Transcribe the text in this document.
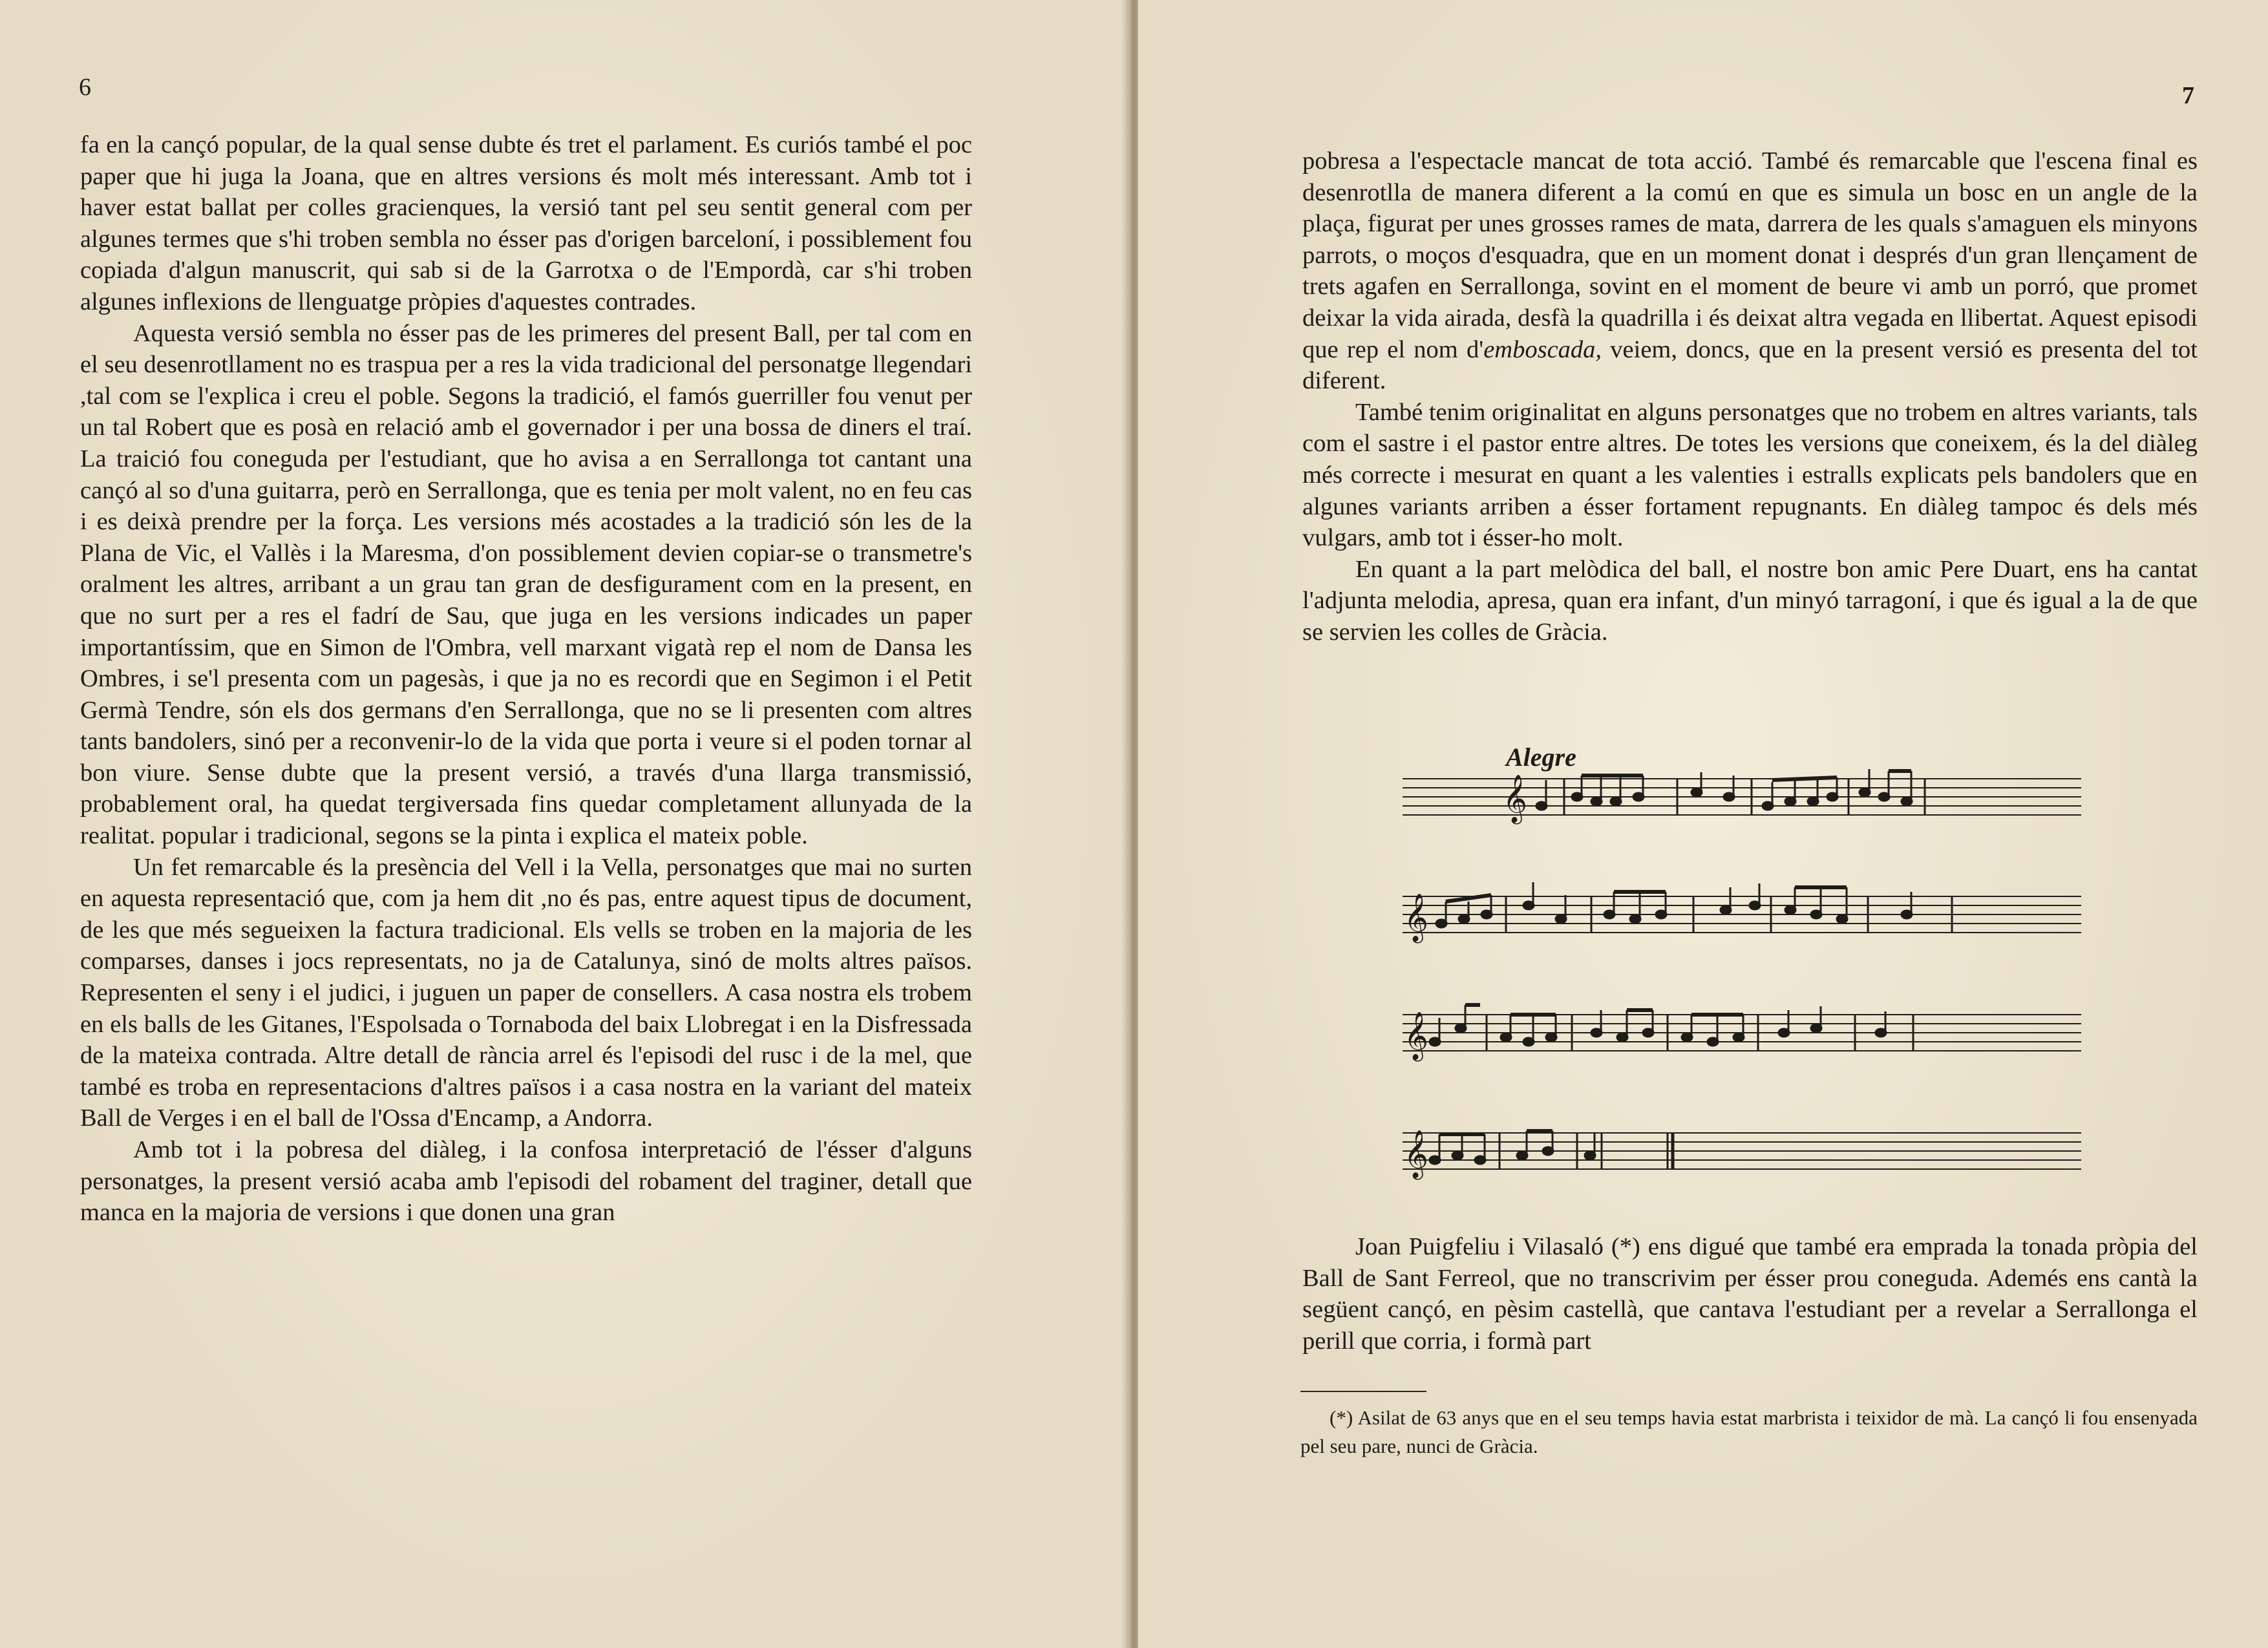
6

fa en la cançó popular, de la qual sense dubte és tret el parlament. Es curiós també el poc paper que hi juga la Joana, que en altres versions és molt més interessant. Amb tot i haver estat ballat per colles gracienques, la versió tant pel seu sentit general com per algunes termes que s'hi troben sembla no ésser pas d'origen barceloní, i possiblement fou copiada d'algun manuscrit, qui sab si de la Garrotxa o de l'Empordà, car s'hi troben algunes inflexions de llenguatge pròpies d'aquestes contrades.

Aquesta versió sembla no ésser pas de les primeres del present Ball, per tal com en el seu desenrotllament no es traspua per a res la vida tradicional del personatge llegendari ,tal com se l'explica i creu el poble. Segons la tradició, el famós guerriller fou venut per un tal Robert que es posà en relació amb el governador i per una bossa de diners el traí. La traició fou coneguda per l'estudiant, que ho avisa a en Serrallonga tot cantant una cançó al so d'una guitarra, però en Serrallonga, que es tenia per molt valent, no en feu cas i es deixà prendre per la força. Les versions més acostades a la tradició són les de la Plana de Vic, el Vallès i la Maresma, d'on possiblement devien copiar-se o transmetre's oralment les altres, arribant a un grau tan gran de desfigurament com en la present, en que no surt per a res el fadrí de Sau, que juga en les versions indicades un paper importantíssim, que en Simon de l'Ombra, vell marxant vigatà rep el nom de Dansa les Ombres, i se'l presenta com un pagesàs, i que ja no es recordi que en Segimon i el Petit Germà Tendre, són els dos germans d'en Serrallonga, que no se li presenten com altres tants bandolers, sinó per a reconvenir-lo de la vida que porta i veure si el poden tornar al bon viure. Sense dubte que la present versió, a través d'una llarga transmissió, probablement oral, ha quedat tergiversada fins quedar completament allunyada de la realitat. popular i tradicional, segons se la pinta i explica el mateix poble.

Un fet remarcable és la presència del Vell i la Vella, personatges que mai no surten en aquesta representació que, com ja hem dit ,no és pas, entre aquest tipus de document, de les que més segueixen la factura tradicional. Els vells se troben en la majoria de les comparses, danses i jocs representats, no ja de Catalunya, sinó de molts altres països. Representen el seny i el judici, i juguen un paper de consellers. A casa nostra els trobem en els balls de les Gitanes, l'Espolsada o Tornaboda del baix Llobregat i en la Disfressada de la mateixa contrada. Altre detall de rància arrel és l'episodi del rusc i de la mel, que també es troba en representacions d'altres països i a casa nostra en la variant del mateix Ball de Verges i en el ball de l'Ossa d'Encamp, a Andorra.

Amb tot i la pobresa del diàleg, i la confosa interpretació de l'ésser d'alguns personatges, la present versió acaba amb l'episodi del robament del traginer, detall que manca en la majoria de versions i que donen una gran

7

pobresa a l'espectacle mancat de tota acció. També és remarcable que l'escena final es desenrotlla de manera diferent a la comú en que es simula un bosc en un angle de la plaça, figurat per unes grosses rames de mata, darrera de les quals s'amaguen els minyons parrots, o moços d'esquadra, que en un moment donat i després d'un gran llençament de trets agafen en Serrallonga, sovint en el moment de beure vi amb un porró, que promet deixar la vida airada, desfà la quadrilla i és deixat altra vegada en llibertat. Aquest episodi que rep el nom d'emboscada, veiem, doncs, que en la present versió es presenta del tot diferent.

També tenim originalitat en alguns personatges que no trobem en altres variants, tals com el sastre i el pastor entre altres. De totes les versions que coneixem, és la del diàleg més correcte i mesurat en quant a les valenties i estralls explicats pels bandolers que en algunes variants arriben a ésser fortament repugnants. En diàleg tampoc és dels més vulgars, amb tot i ésser-ho molt.

En quant a la part melòdica del ball, el nostre bon amic Pere Duart, ens ha cantat l'adjunta melodia, apresa, quan era infant, d'un minyó tarragoní, i que és igual a la de que se servien les colles de Gràcia.

Alegre
𝄞
𝄞
𝄞
𝄞

Joan Puigfeliu i Vilasaló (*) ens digué que també era emprada la tonada pròpia del Ball de Sant Ferreol, que no transcrivim per ésser prou coneguda. Ademés ens cantà la següent cançó, en pèsim castellà, que cantava l'estudiant per a revelar a Serrallonga el perill que corria, i formà part

(*) Asilat de 63 anys que en el seu temps havia estat marbrista i teixidor de mà. La cançó li fou ensenyada pel seu pare, nunci de Gràcia.
